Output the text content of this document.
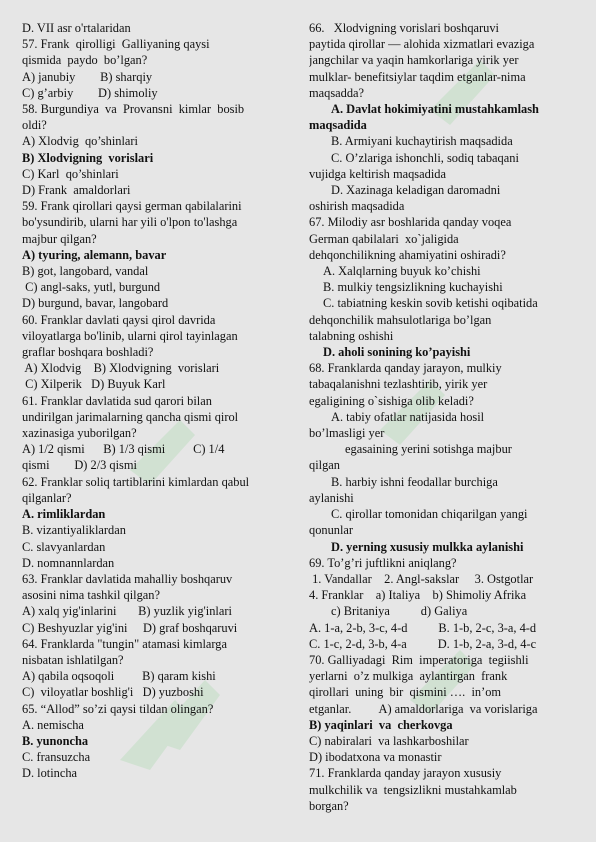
D. VII asr o'rtalaridan
57. Frank  qirolligi  Galliyaning qaysi
qismida  paydo  bo’lgan?
A) janubiy        B) sharqiy
C) g’arbiy        D) shimoliy
58. Burgundiya  va  Provansni  kimlar  bosib
oldi?
A) Xlodvig  qo’shinlari
B) Xlodvigning  vorislari
C) Karl  qo’shinlari
D) Frank  amaldorlari
59. Frank qirollari qaysi german qabilalarini
bo'ysundirib, ularni har yili o'lpon to'lashga
majbur qilgan?
A) tyuring, alemann, bavar
B) got, langobard, vandal
C) angl-saks, yutl, burgund
D) burgund, bavar, langobard
60. Franklar davlati qaysi qirol davrida
viloyatlarga bo'linib, ularni qirol tayinlagan
graflar boshqara boshladi?
A) Xlodvig    B) Xlodvigning  vorislari
C) Xilperik   D) Buyuk Karl
61. Franklar davlatida sud qarori bilan
undirilgan jarimalarning qancha qismi qirol
xazinasiga yuborilgan?
A) 1/2 qismi      B) 1/3 qismi         C) 1/4
qismi        D) 2/3 qismi
62. Franklar soliq tartiblarini kimlardan qabul
qilganlar?
A. rimliklardan
B. vizantiyaliklardan
C. slavyanlardan
D. nomnannlardan
63. Franklar davlatida mahalliy boshqaruv
asosini nima tashkil qilgan?
A) xalq yig'inlarini       B) yuzlik yig'inlari
C) Beshyuzlar yig'ini     D) graf boshqaruvi
64. Franklarda "tungin" atamasi kimlarga
nisbatan ishlatilgan?
A) qabila oqsoqoli         B) qaram kishi
C)  viloyatlar boshlig'i   D) yuzboshi
65. “Allod” so’zi qaysi tildan olingan?
A. nemischa
B. yunoncha
C. fransuzcha
D. lotincha
66.   Xlodvigning vorislari boshqaruvi
paytida qirollar — alohida xizmatlari evaziga
jangchilar va yaqin hamkorlariga yirik yer
mulklar- benefitsiylar taqdim etganlar-nima
maqsadda?
A. Davlat hokimiyatini mustahkamlash
maqsadida
B. Armiyani kuchaytirish maqsadida
C. O’zlariga ishonchli, sodiq tabaqani
vujidga keltirish maqsadida
D. Xazinaga keladigan daromadni
oshirish maqsadida
67. Milodiy asr boshlarida qanday voqea
German qabilalari  xo`jaligida
dehqonchilikning ahamiyatini oshiradi?
A. Xalqlarning buyuk ko’chishi
B. mulkiy tengsizlikning kuchayishi
C. tabiatning keskin sovib ketishi oqibatida
dehqonchilik mahsulotlariga bo’lgan
talabning oshishi
D. aholi sonining ko’payishi
68. Franklarda qanday jarayon, mulkiy
tabaqalanishni tezlashtirib, yirik yer
egaligining o`sishiga olib keladi?
A. tabiy ofatlar natijasida hosil
bo’lmasligi yer
egasaining yerini sotishga majbur
qilgan
B. harbiy ishni feodallar burchiga
aylanishi
C. qirollar tomonidan chiqarilgan yangi
qonunlar
D. yerning xususiy mulkka aylanishi
69. To’g’ri juftlikni aniqlang?
1. Vandallar    2. Angl-sakslar     3. Ostgotlar
4. Franklar    a) Italiya    b) Shimoliy Afrika
c) Britaniya          d) Galiya
A. 1-a, 2-b, 3-c, 4-d          B. 1-b, 2-c, 3-a, 4-d
C. 1-c, 2-d, 3-b, 4-a          D. 1-b, 2-a, 3-d, 4-c
70. Galliyadagi  Rim  imperatoriga  tegiishli
yerlarni  o’z mulkiga  aylantirgan  frank
qirollari  uning  bir  qismini ….  in’om
etganlar.         A) amaldorlariga  va vorislariga
B) yaqinlari  va  cherkovga
C) nabiralari  va lashkarboshilar
D) ibodatxona va monastir
71. Franklarda qanday jarayon xususiy
mulkchilik va  tengsizlikni mustahkamlab
borgan?
